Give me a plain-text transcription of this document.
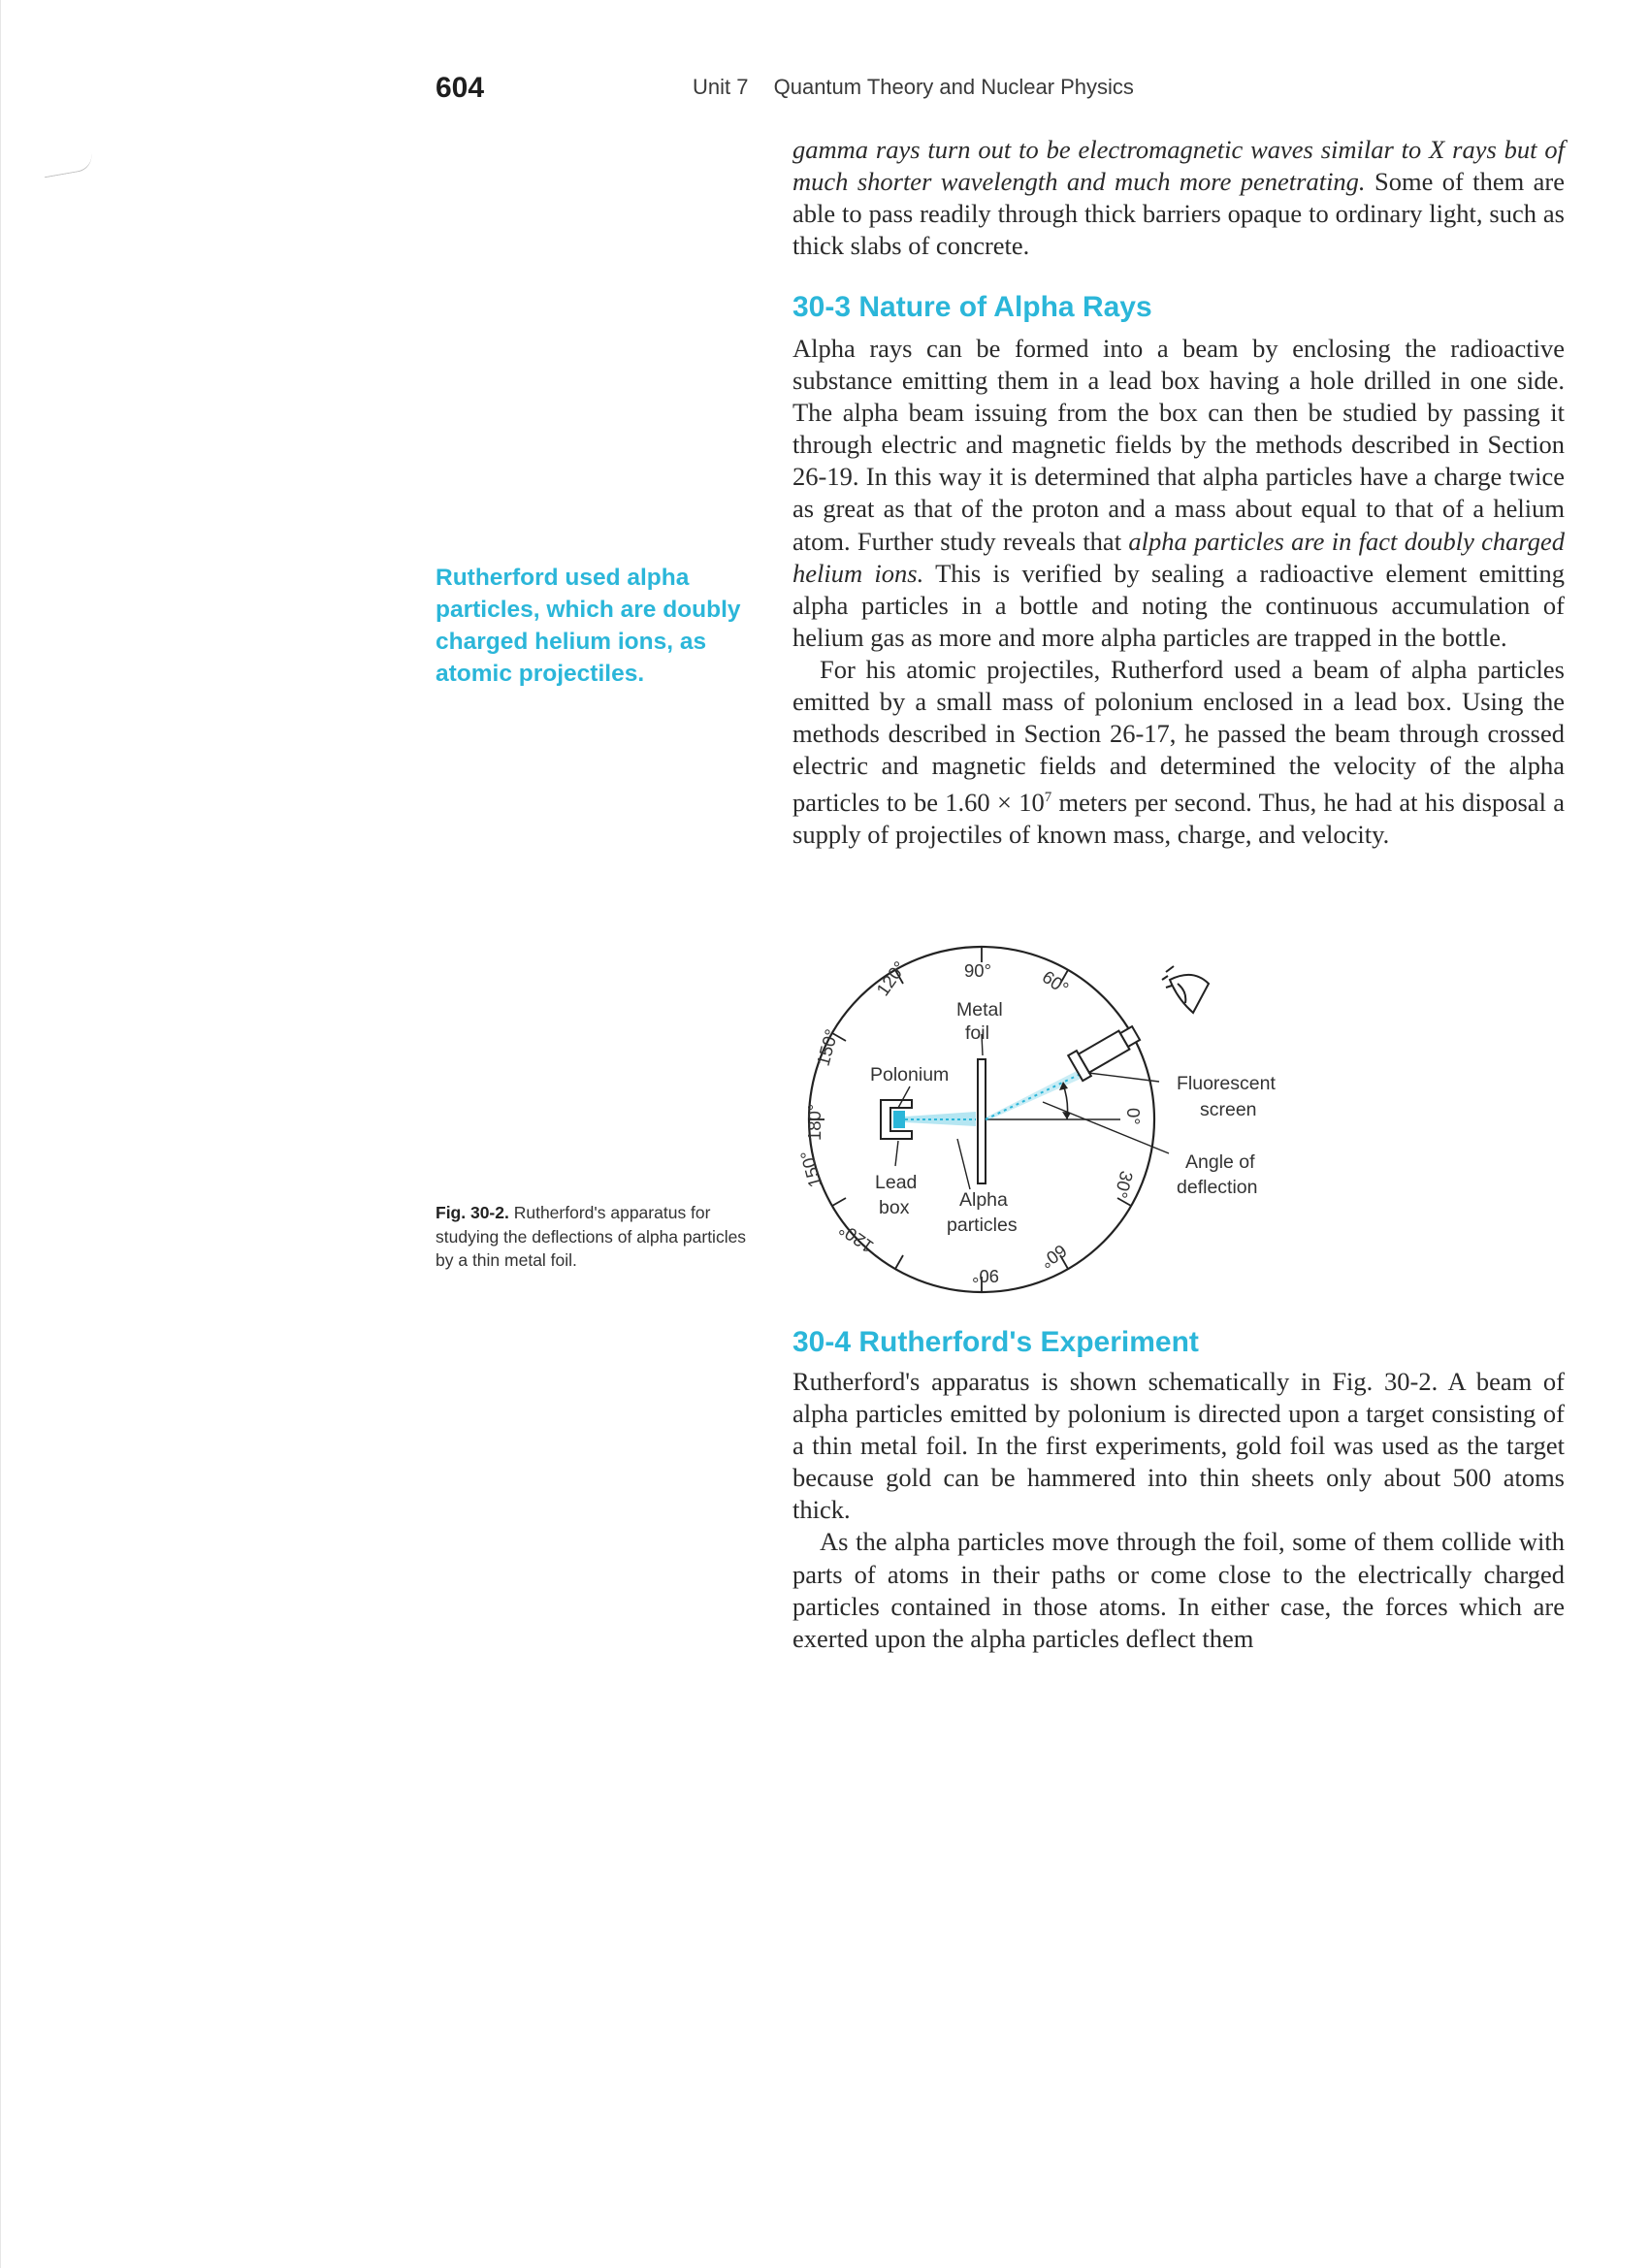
604	Unit 7 Quantum Theory and Nuclear Physics

gamma rays turn out to be electromagnetic waves similar to X rays but of much shorter wavelength and much more penetrating. Some of them are able to pass readily through thick barriers opaque to ordinary light, such as thick slabs of concrete.

30-3 Nature of Alpha Rays

Alpha rays can be formed into a beam by enclosing the radioactive substance emitting them in a lead box having a hole drilled in one side. The alpha beam issuing from the box can then be studied by passing it through electric and magnetic fields by the methods described in Section 26-19. In this way it is determined that alpha particles have a charge twice as great as that of the proton and a mass about equal to that of a helium atom. Further study reveals that alpha particles are in fact doubly charged helium ions. This is verified by sealing a radioactive element emitting alpha particles in a bottle and noting the continuous accumulation of helium gas as more and more alpha particles are trapped in the bottle.

For his atomic projectiles, Rutherford used a beam of alpha particles emitted by a small mass of polonium enclosed in a lead box. Using the methods described in Section 26-17, he passed the beam through crossed electric and magnetic fields and determined the velocity of the alpha particles to be $1.60 \times 10^7$ meters per second. Thus, he had at his disposal a supply of projectiles of known mass, charge, and velocity.

Rutherford used alpha particles, which are doubly charged helium ions, as atomic projectiles.
Metal
foil
Polonium
Lead
box	Alpha
particles
Fluorescent
screen
Angle of
deflection
90°
120°	60°
150°
180°	0°
150°	30°
120°	60°
90°
Fig. 30-2. Rutherford's apparatus for studying the deflections of alpha particles by a thin metal foil.
30-4 Rutherford's Experiment

Rutherford's apparatus is shown schematically in Fig. 30-2. A beam of alpha particles emitted by polonium is directed upon a target consisting of a thin metal foil. In the first experiments, gold foil was used as the target because gold can be hammered into thin sheets only about 500 atoms thick.

As the alpha particles move through the foil, some of them collide with parts of atoms in their paths or come close to the electrically charged particles contained in those atoms. In either case, the forces which are exerted upon the alpha particles deflect them
